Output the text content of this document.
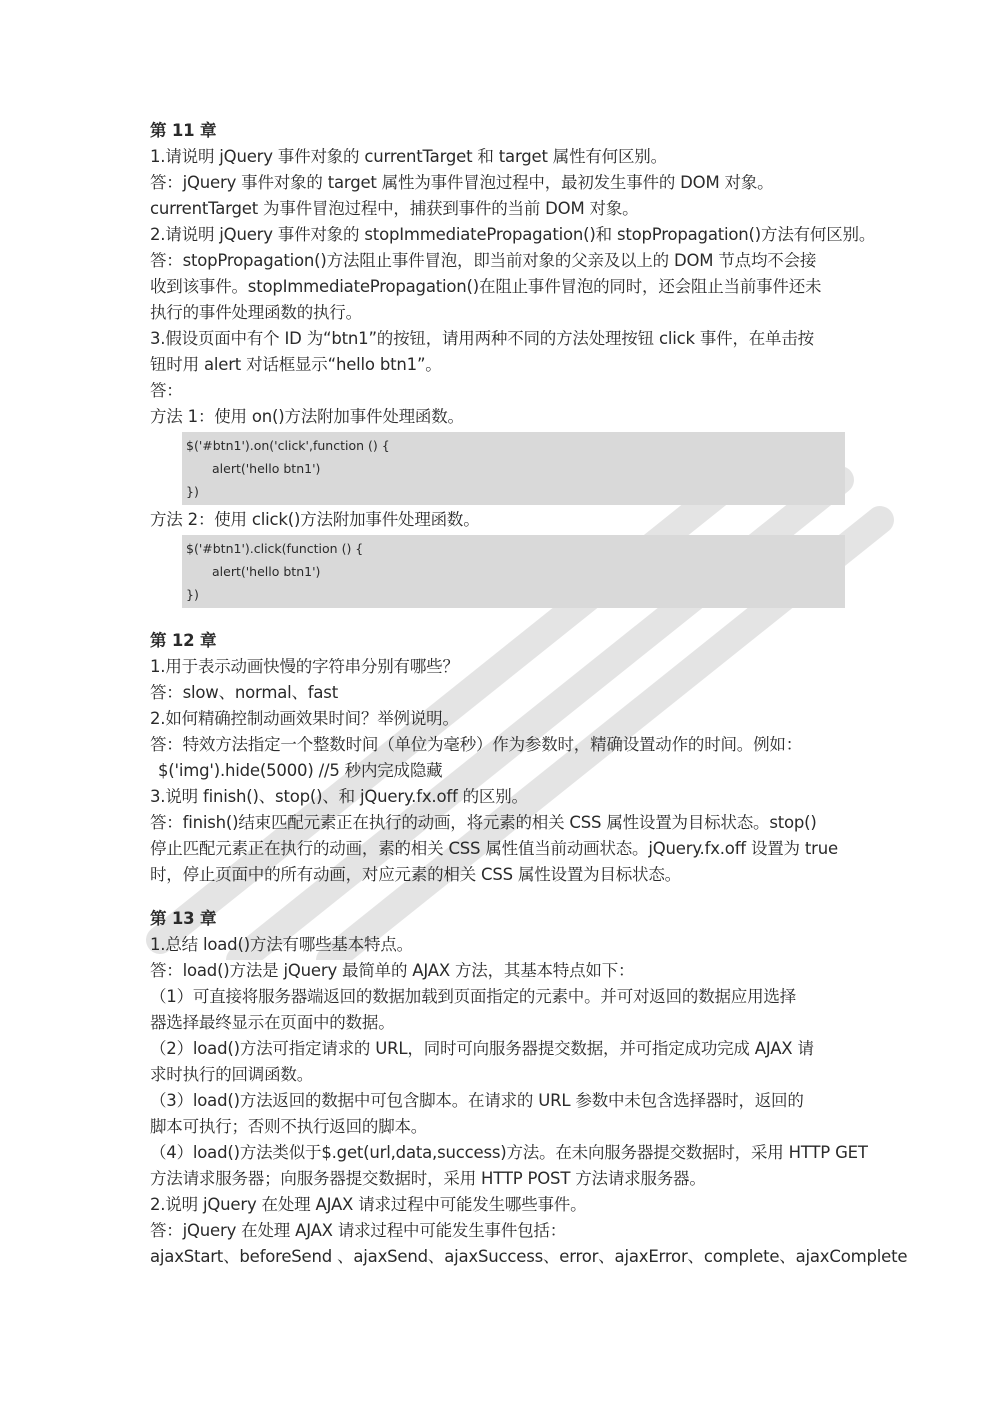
第 11 章
1.请说明 jQuery 事件对象的 currentTarget 和 target 属性有何区别。
答：jQuery 事件对象的 target 属性为事件冒泡过程中，最初发生事件的 DOM 对象。
currentTarget 为事件冒泡过程中，捕获到事件的当前 DOM 对象。
2.请说明 jQuery 事件对象的 stopImmediatePropagation()和 stopPropagation()方法有何区别。
答：stopPropagation()方法阻止事件冒泡，即当前对象的父亲及以上的 DOM 节点均不会接
收到该事件。stopImmediatePropagation()在阻止事件冒泡的同时，还会阻止当前事件还未
执行的事件处理函数的执行。
3.假设页面中有个 ID 为“btn1”的按钮，请用两种不同的方法处理按钮 click 事件，在单击按
钮时用 alert 对话框显示“hello btn1”。
答：
方法 1：使用 on()方法附加事件处理函数。
$('#btn1').on('click',function () {
alert('hello btn1')
})
方法 2：使用 click()方法附加事件处理函数。
$('#btn1').click(function () {
alert('hello btn1')
})
第 12 章
1.用于表示动画快慢的字符串分别有哪些？
答：slow、normal、fast
2.如何精确控制动画效果时间？举例说明。
答：特效方法指定一个整数时间（单位为毫秒）作为参数时，精确设置动作的时间。例如：
$('img').hide(5000) //5 秒内完成隐藏
3.说明 finish()、stop()、和 jQuery.fx.off 的区别。
答：finish()结束匹配元素正在执行的动画，将元素的相关 CSS 属性设置为目标状态。stop()
停止匹配元素正在执行的动画，素的相关 CSS 属性值当前动画状态。jQuery.fx.off 设置为 true
时，停止页面中的所有动画，对应元素的相关 CSS 属性设置为目标状态。
第 13 章
1.总结 load()方法有哪些基本特点。
答：load()方法是 jQuery 最简单的 AJAX 方法，其基本特点如下：
（1）可直接将服务器端返回的数据加载到页面指定的元素中。并可对返回的数据应用选择
器选择最终显示在页面中的数据。
（2）load()方法可指定请求的 URL，同时可向服务器提交数据，并可指定成功完成 AJAX 请
求时执行的回调函数。
（3）load()方法返回的数据中可包含脚本。在请求的 URL 参数中未包含选择器时，返回的
脚本可执行；否则不执行返回的脚本。
（4）load()方法类似于$.get(url,data,success)方法。在未向服务器提交数据时，采用 HTTP GET
方法请求服务器；向服务器提交数据时，采用 HTTP POST 方法请求服务器。
2.说明 jQuery 在处理 AJAX 请求过程中可能发生哪些事件。
答：jQuery 在处理 AJAX 请求过程中可能发生事件包括：
ajaxStart、beforeSend 、ajaxSend、ajaxSuccess、error、ajaxError、complete、ajaxComplete
